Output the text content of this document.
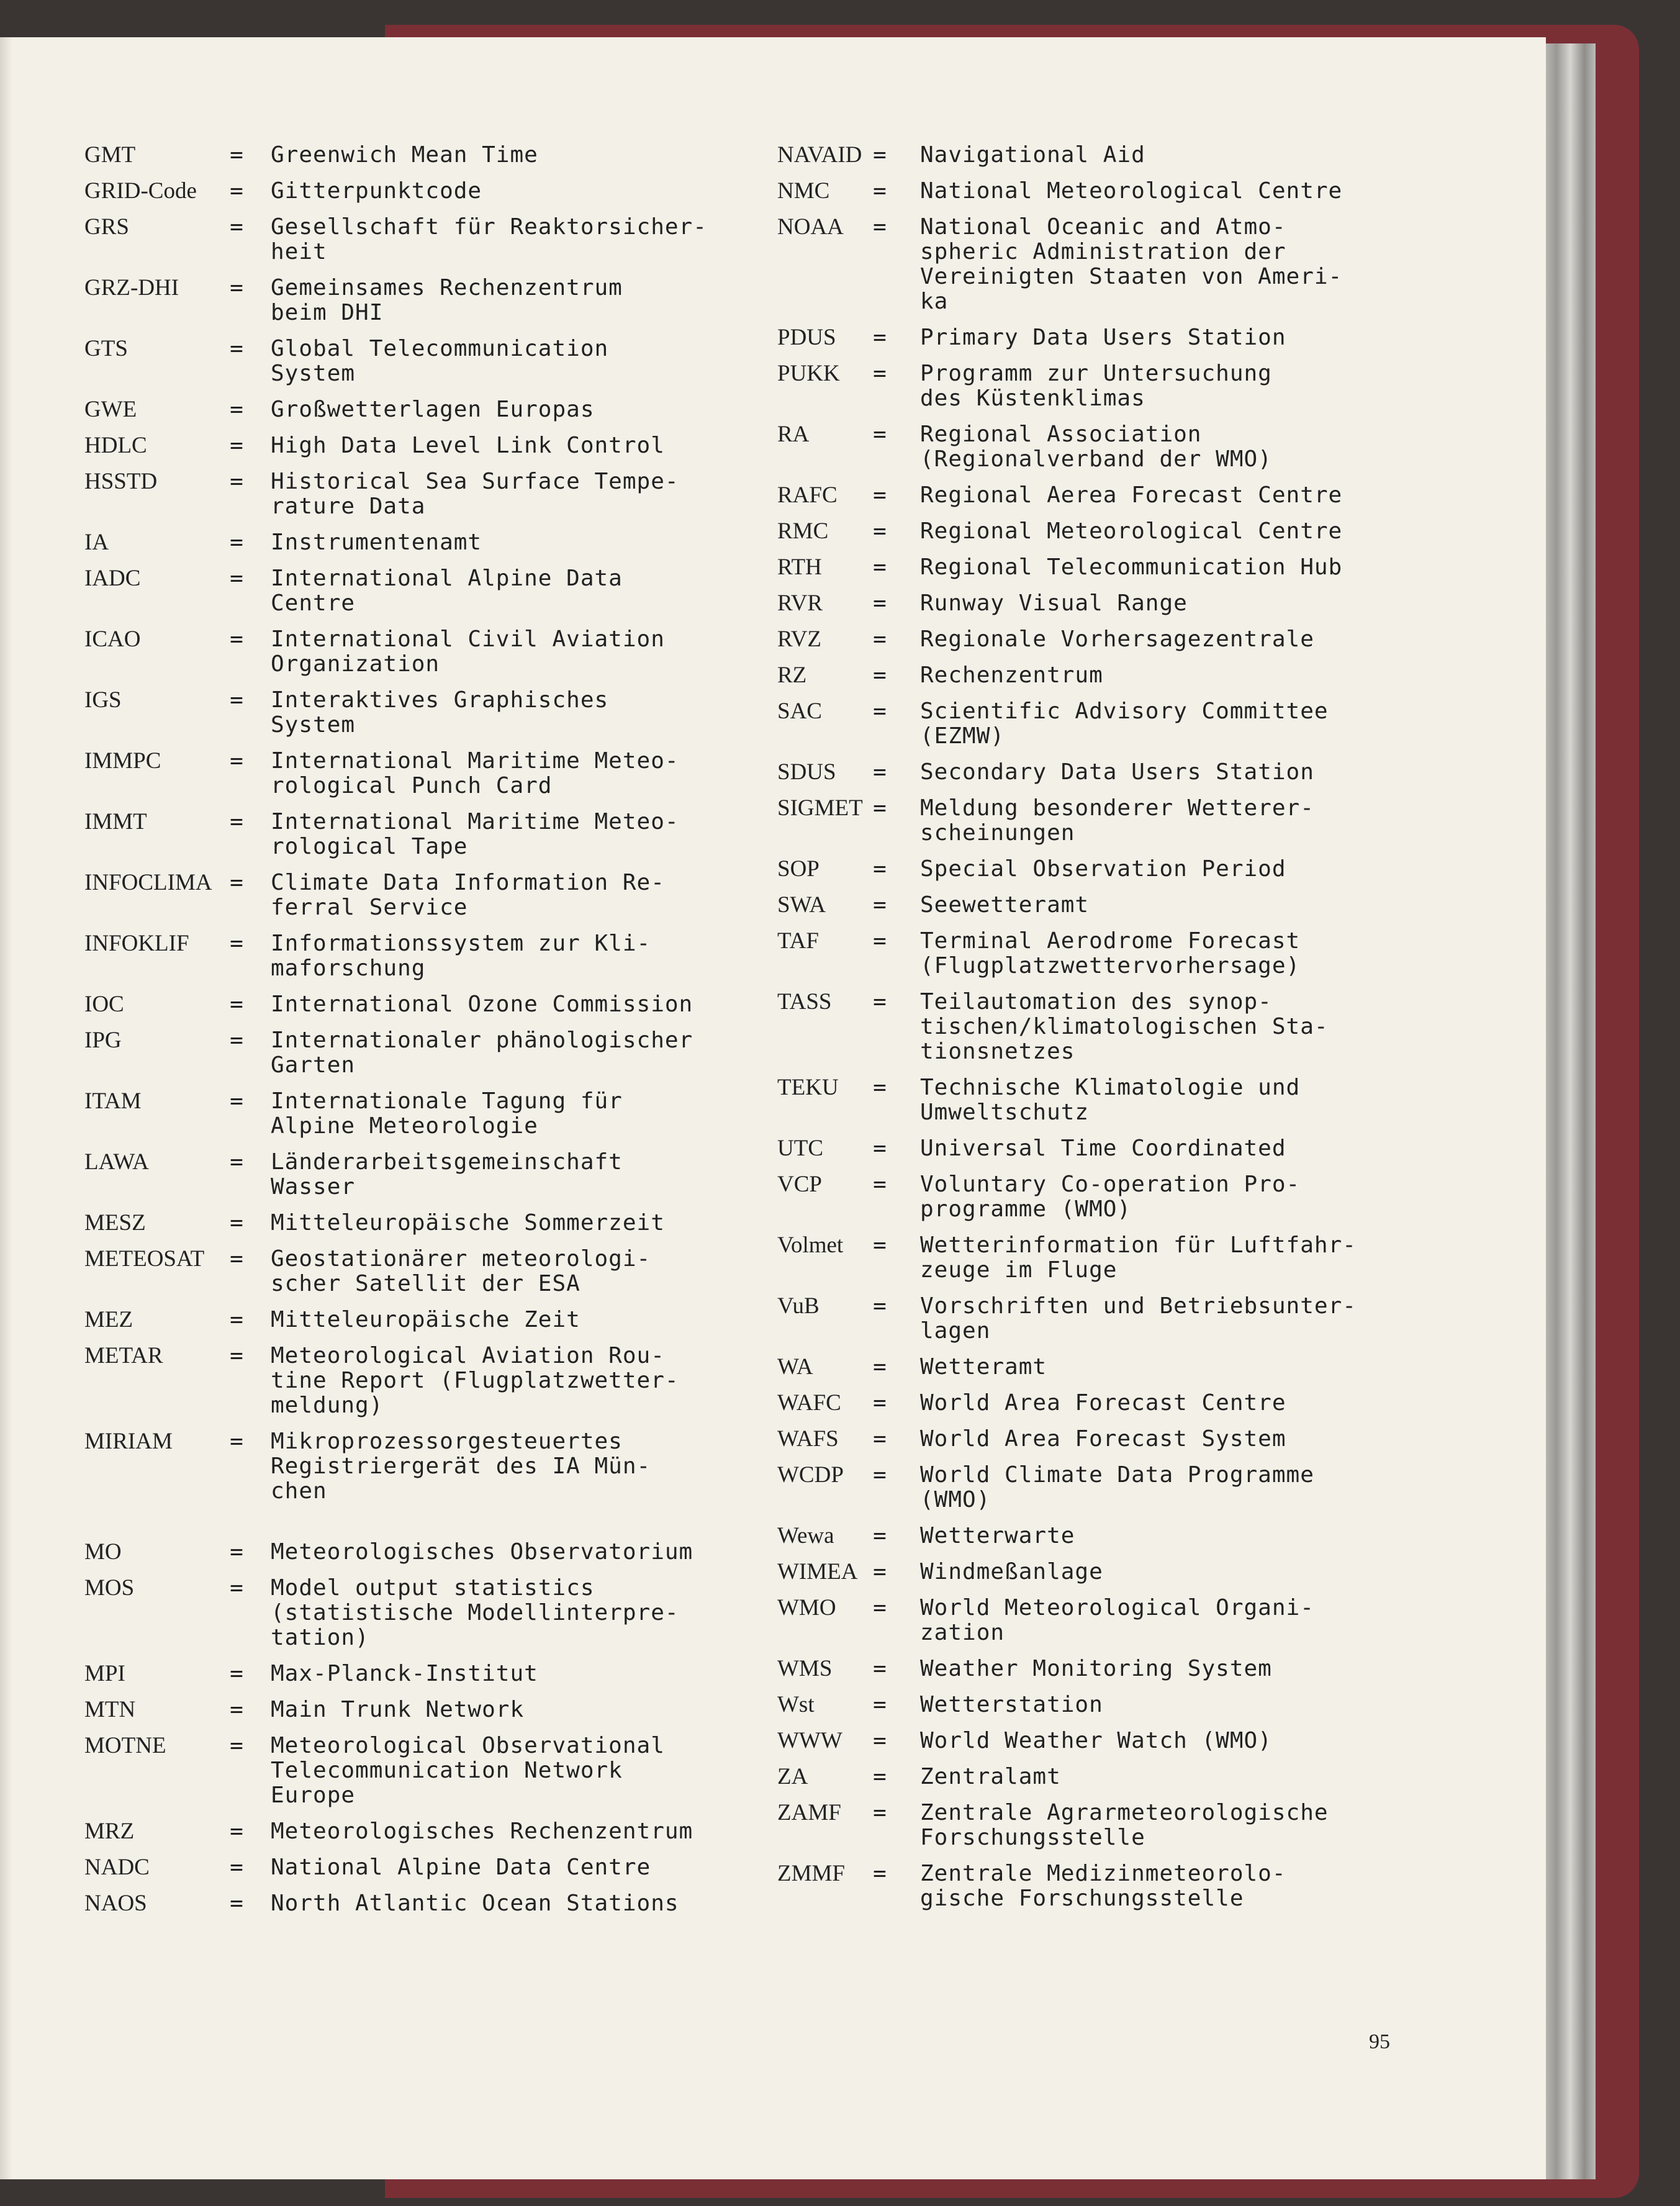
GMT	= Greenwich Mean Time
GRID-Code	= Gitterpunktcode
GRS	= Gesellschaft für Reaktorsicher-
heit
GRZ-DHI	= Gemeinsames Rechenzentrum
beim DHI
GTS	= Global Telecommunication
System
GWE	= Großwetterlagen Europas
HDLC	= High Data Level Link Control
HSSTD	= Historical Sea Surface Tempe-
rature Data
IA	= Instrumentenamt
IADC	= International Alpine Data
Centre
ICAO	= International Civil Aviation
Organization
IGS	= Interaktives Graphisches
System
IMMPC	= International Maritime Meteo-
rological Punch Card
IMMT	= International Maritime Meteo-
rological Tape
INFOCLIMA = Climate Data Information Re-
ferral Service
INFOKLIF	= Informationssystem zur Kli-
maforschung
IOC	= International Ozone Commission
IPG	= Internationaler phänologischer
Garten
ITAM	= Internationale Tagung für
Alpine Meteorologie
LAWA	= Länderarbeitsgemeinschaft
Wasser
MESZ	= Mitteleuropäische Sommerzeit
METEOSAT	= Geostationärer meteorologi-
scher Satellit der ESA
MEZ	= Mitteleuropäische Zeit
METAR	= Meteorological Aviation Rou-
tine Report (Flugplatzwetter-
meldung)
MIRIAM	= Mikroprozessorgesteuertes
Registriergerät des IA Mün-
chen
MO	= Meteorologisches Observatorium
MOS	= Model output statistics
(statistische Modellinterpre-
tation)
MPI	= Max-Planck-Institut
MTN	= Main Trunk Network
MOTNE	= Meteorological Observational
Telecommunication Network
Europe
MRZ	= Meteorologisches Rechenzentrum
NADC	= National Alpine Data Centre
NAOS	= North Atlantic Ocean Stations
NAVAID = Navigational Aid
NMC	= National Meteorological Centre
NOAA	= National Oceanic and Atmo-
spheric Administration der
Vereinigten Staaten von Ameri-
ka
PDUS	= Primary Data Users Station
PUKK	= Programm zur Untersuchung
des Küstenklimas
RA	= Regional Association
(Regionalverband der WMO)
RAFC	= Regional Aerea Forecast Centre
RMC	= Regional Meteorological Centre
RTH	= Regional Telecommunication Hub
RVR	= Runway Visual Range
RVZ	= Regionale Vorhersagezentrale
RZ	= Rechenzentrum
SAC	= Scientific Advisory Committee
(EZMW)
SDUS	= Secondary Data Users Station
SIGMET = Meldung besonderer Wetterer-
scheinungen
SOP	= Special Observation Period
SWA	= Seewetteramt
TAF	= Terminal Aerodrome Forecast
(Flugplatzwettervorhersage)
TASS	= Teilautomation des synop-
tischen/klimatologischen Sta-
tionsnetzes
TEKU	= Technische Klimatologie und
Umweltschutz
UTC	= Universal Time Coordinated
VCP	= Voluntary Co-operation Pro-
programme (WMO)
Volmet	= Wetterinformation für Luftfahr-
zeuge im Fluge
VuB	= Vorschriften und Betriebsunter-
lagen
WA	= Wetteramt
WAFC	= World Area Forecast Centre
WAFS	= World Area Forecast System
WCDP	= World Climate Data Programme
(WMO)
Wewa	= Wetterwarte
WIMEA = Windmeßanlage
WMO	= World Meteorological Organi-
zation
WMS	= Weather Monitoring System
Wst	= Wetterstation
WWW	= World Weather Watch (WMO)
ZA	= Zentralamt
ZAMF	= Zentrale Agrarmeteorologische
Forschungsstelle
ZMMF	= Zentrale Medizinmeteorolo-
gische Forschungsstelle
95
